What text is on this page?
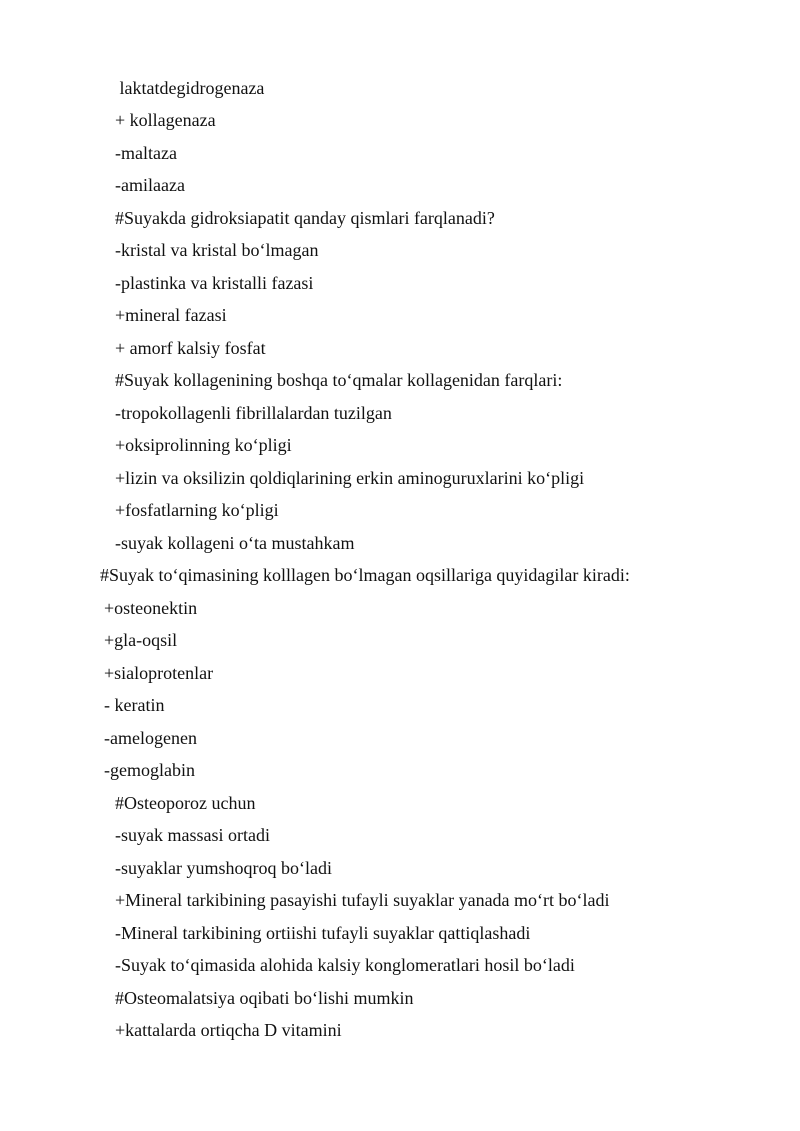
laktatdegidrogenaza

+ kollagenaza

-maltaza

-amilaaza

#Suyakda gidroksiapatit qanday qismlari farqlanadi?

-kristal va kristal bo‘lmagan

-plastinka va kristalli fazasi

+mineral fazasi

+ amorf kalsiy fosfat

#Suyak kollagenining boshqa to‘qmalar kollagenidan farqlari:

-tropokollagenli fibrillalardan tuzilgan

+oksiprolinning ko‘pligi

+lizin va oksilizin qoldiqlarining erkin aminoguruxlarini ko‘pligi

+fosfatlarning ko‘pligi

-suyak kollageni o‘ta mustahkam

#Suyak to‘qimasining kolllagen bo‘lmagan oqsillariga quyidagilar kiradi:

+osteonektin

+gla-oqsil

+sialoprotenlar

- keratin

-amelogenen

-gemoglabin

#Osteoporoz uchun

-suyak massasi ortadi

-suyaklar yumshoqroq bo‘ladi

+Mineral tarkibining pasayishi tufayli suyaklar yanada mo‘rt bo‘ladi

-Mineral tarkibining ortiishi tufayli suyaklar qattiqlashadi

-Suyak to‘qimasida alohida kalsiy konglomeratlari hosil bo‘ladi

#Osteomalatsiya oqibati bo‘lishi mumkin

+kattalarda ortiqcha D vitamini
